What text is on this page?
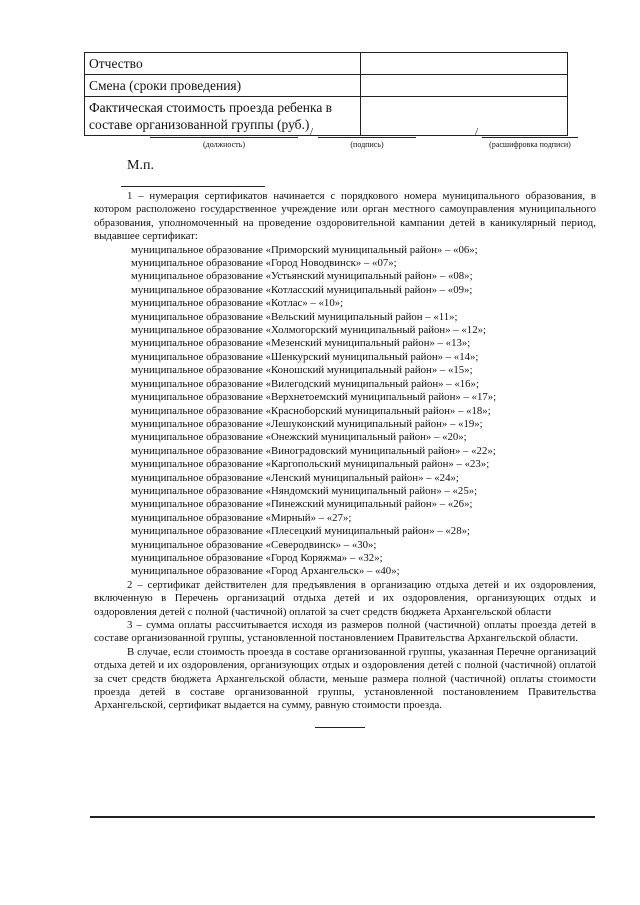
Отчество	
Смена (сроки проведения)	
Фактическая стоимость проезда ребенка в составе организованной группы (руб.)	/	/
(должность)	(подпись)	(расшифровка подписи)
М.п.

1 – нумерация сертификатов начинается с порядкового номера муниципального образования, в котором расположено государственное учреждение или орган местного самоуправления муниципального образования, уполномоченный на проведение оздоровительной кампании детей в каникулярный период, выдавшее сертификат:

муниципальное образование «Приморский муниципальный район» – «06»;

муниципальное образование «Город Новодвинск» – «07»;

муниципальное образование «Устьянский муниципальный район» – «08»;

муниципальное образование «Котласский муниципальный район» – «09»;

муниципальное образование «Котлас» – «10»;

муниципальное образование «Вельский муниципальный район – «11»;

муниципальное образование «Холмогорский муниципальный район» – «12»;

муниципальное образование «Мезенский муниципальный район» – «13»;

муниципальное образование «Шенкурский муниципальный район» – «14»;

муниципальное образование «Коношский муниципальный район» – «15»;

муниципальное образование «Вилегодский муниципальный район» – «16»;

муниципальное образование «Верхнетоемский муниципальный район» – «17»;

муниципальное образование «Красноборский муниципальный район» – «18»;

муниципальное образование «Лешуконский муниципальный район» – «19»;

муниципальное образование «Онежский муниципальный район» – «20»;

муниципальное образование «Виноградовский муниципальный район» – «22»;

муниципальное образование «Каргопольский муниципальный район» – «23»;

муниципальное образование «Ленский муниципальный район» – «24»;

муниципальное образование «Няндомский муниципальный район» – «25»;

муниципальное образование «Пинежский муниципальный район» – «26»;

муниципальное образование «Мирный» – «27»;

муниципальное образование «Плесецкий муниципальный район» – «28»;

муниципальное образование «Северодвинск» – «30»;

муниципальное образование «Город Коряжма» – «32»;

муниципальное образование «Город Архангельск» – «40»;

2 – сертификат действителен для предъявления в организацию отдыха детей и их оздоровления, включенную в Перечень организаций отдыха детей и их оздоровления, организующих отдых и оздоровления детей с полной (частичной) оплатой за счет средств бюджета Архангельской области

3 – сумма оплаты рассчитывается исходя из размеров полной (частичной) оплаты проезда детей в составе организованной группы, установленной постановлением Правительства Архангельской области.

В случае, если стоимость проезда в составе организованной группы, указанная Перечне организаций отдыха детей и их оздоровления, организующих отдых и оздоровления детей с полной (частичной) оплатой за счет средств бюджета Архангельской области, меньше размера полной (частичной) оплаты стоимости проезда детей в составе организованной группы, установленной постановлением Правительства Архангельской, сертификат выдается на сумму, равную стоимости проезда.
